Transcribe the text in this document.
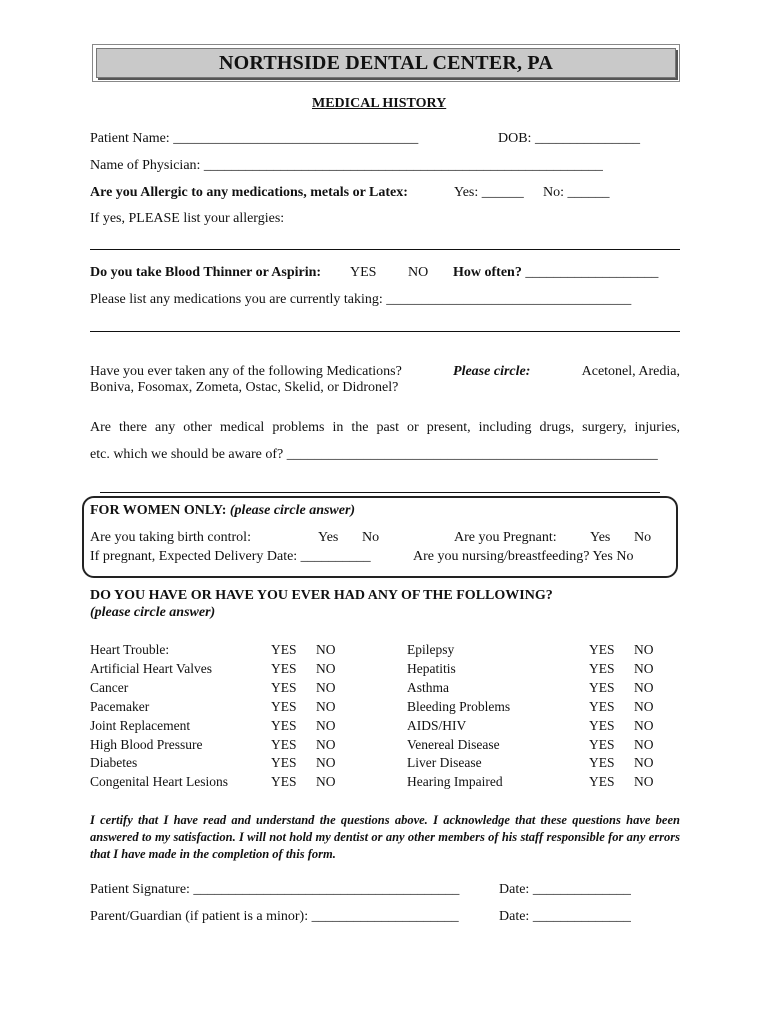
NORTHSIDE DENTAL CENTER, PA
MEDICAL HISTORY
Patient Name: ___________________________________	DOB: _______________
Name of Physician: _________________________________________________________
Are you Allergic to any medications, metals or Latex:	Yes: ______ No: ______
If yes, PLEASE list your allergies:
Do you take Blood Thinner or Aspirin: YES NO How often? ___________________
Please list any medications you are currently taking: ___________________________________
Have you ever taken any of the following Medications?	Please circle:	Acetonel, Aredia,
Boniva, Fosomax, Zometa, Ostac, Skelid, or Didronel?
Are there any other medical problems in the past or present, including drugs, surgery, injuries,
etc. which we should be aware of? _____________________________________________________
FOR WOMEN ONLY: (please circle answer)
Are you taking birth control:	Yes No	Are you Pregnant: Yes No
If pregnant, Expected Delivery Date: __________	Are you nursing/breastfeeding? Yes No
DO YOU HAVE OR HAVE YOU EVER HAD ANY OF THE FOLLOWING?
(please circle answer)
Heart Trouble:	YES NO	Epilepsy	YES NO
Artificial Heart Valves	YES NO	Hepatitis	YES NO
Cancer	YES NO	Asthma	YES NO
Pacemaker	YES NO	Bleeding Problems	YES NO
Joint Replacement	YES NO	AIDS/HIV	YES NO
High Blood Pressure	YES NO	Venereal Disease	YES NO
Diabetes	YES NO	Liver Disease	YES NO
Congenital Heart Lesions	YES NO	Hearing Impaired	YES NO
I certify that I have read and understand the questions above. I acknowledge that these questions have been answered to my satisfaction. I will not hold my dentist or any other members of his staff responsible for any errors that I have made in the completion of this form.
Patient Signature: ______________________________________	Date: ______________
Parent/Guardian (if patient is a minor): _____________________	Date: ______________
